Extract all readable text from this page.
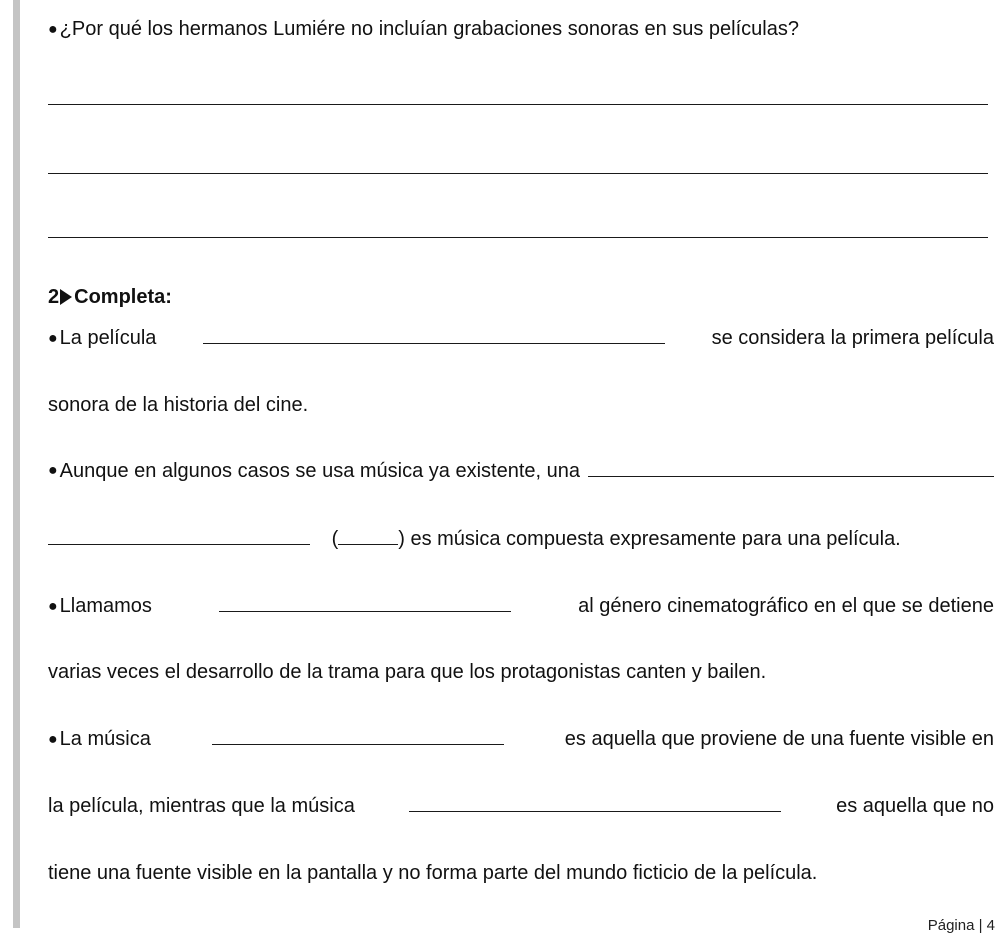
● ¿Por qué los hermanos Lumiére no incluían grabaciones sonoras en sus películas?
2 Completa:
● La película	se considera la primera película
sonora de la historia del cine.
● Aunque en algunos casos se usa música ya existente, una
(	) es música compuesta expresamente para una película.
● Llamamos	al género cinematográfico en el que se detiene
varias veces el desarrollo de la trama para que los protagonistas canten y bailen.
● La música	es aquella que proviene de una fuente visible en
la película, mientras que la música	es aquella que no
tiene una fuente visible en la pantalla y no forma parte del mundo ficticio de la película.
Página | 4
